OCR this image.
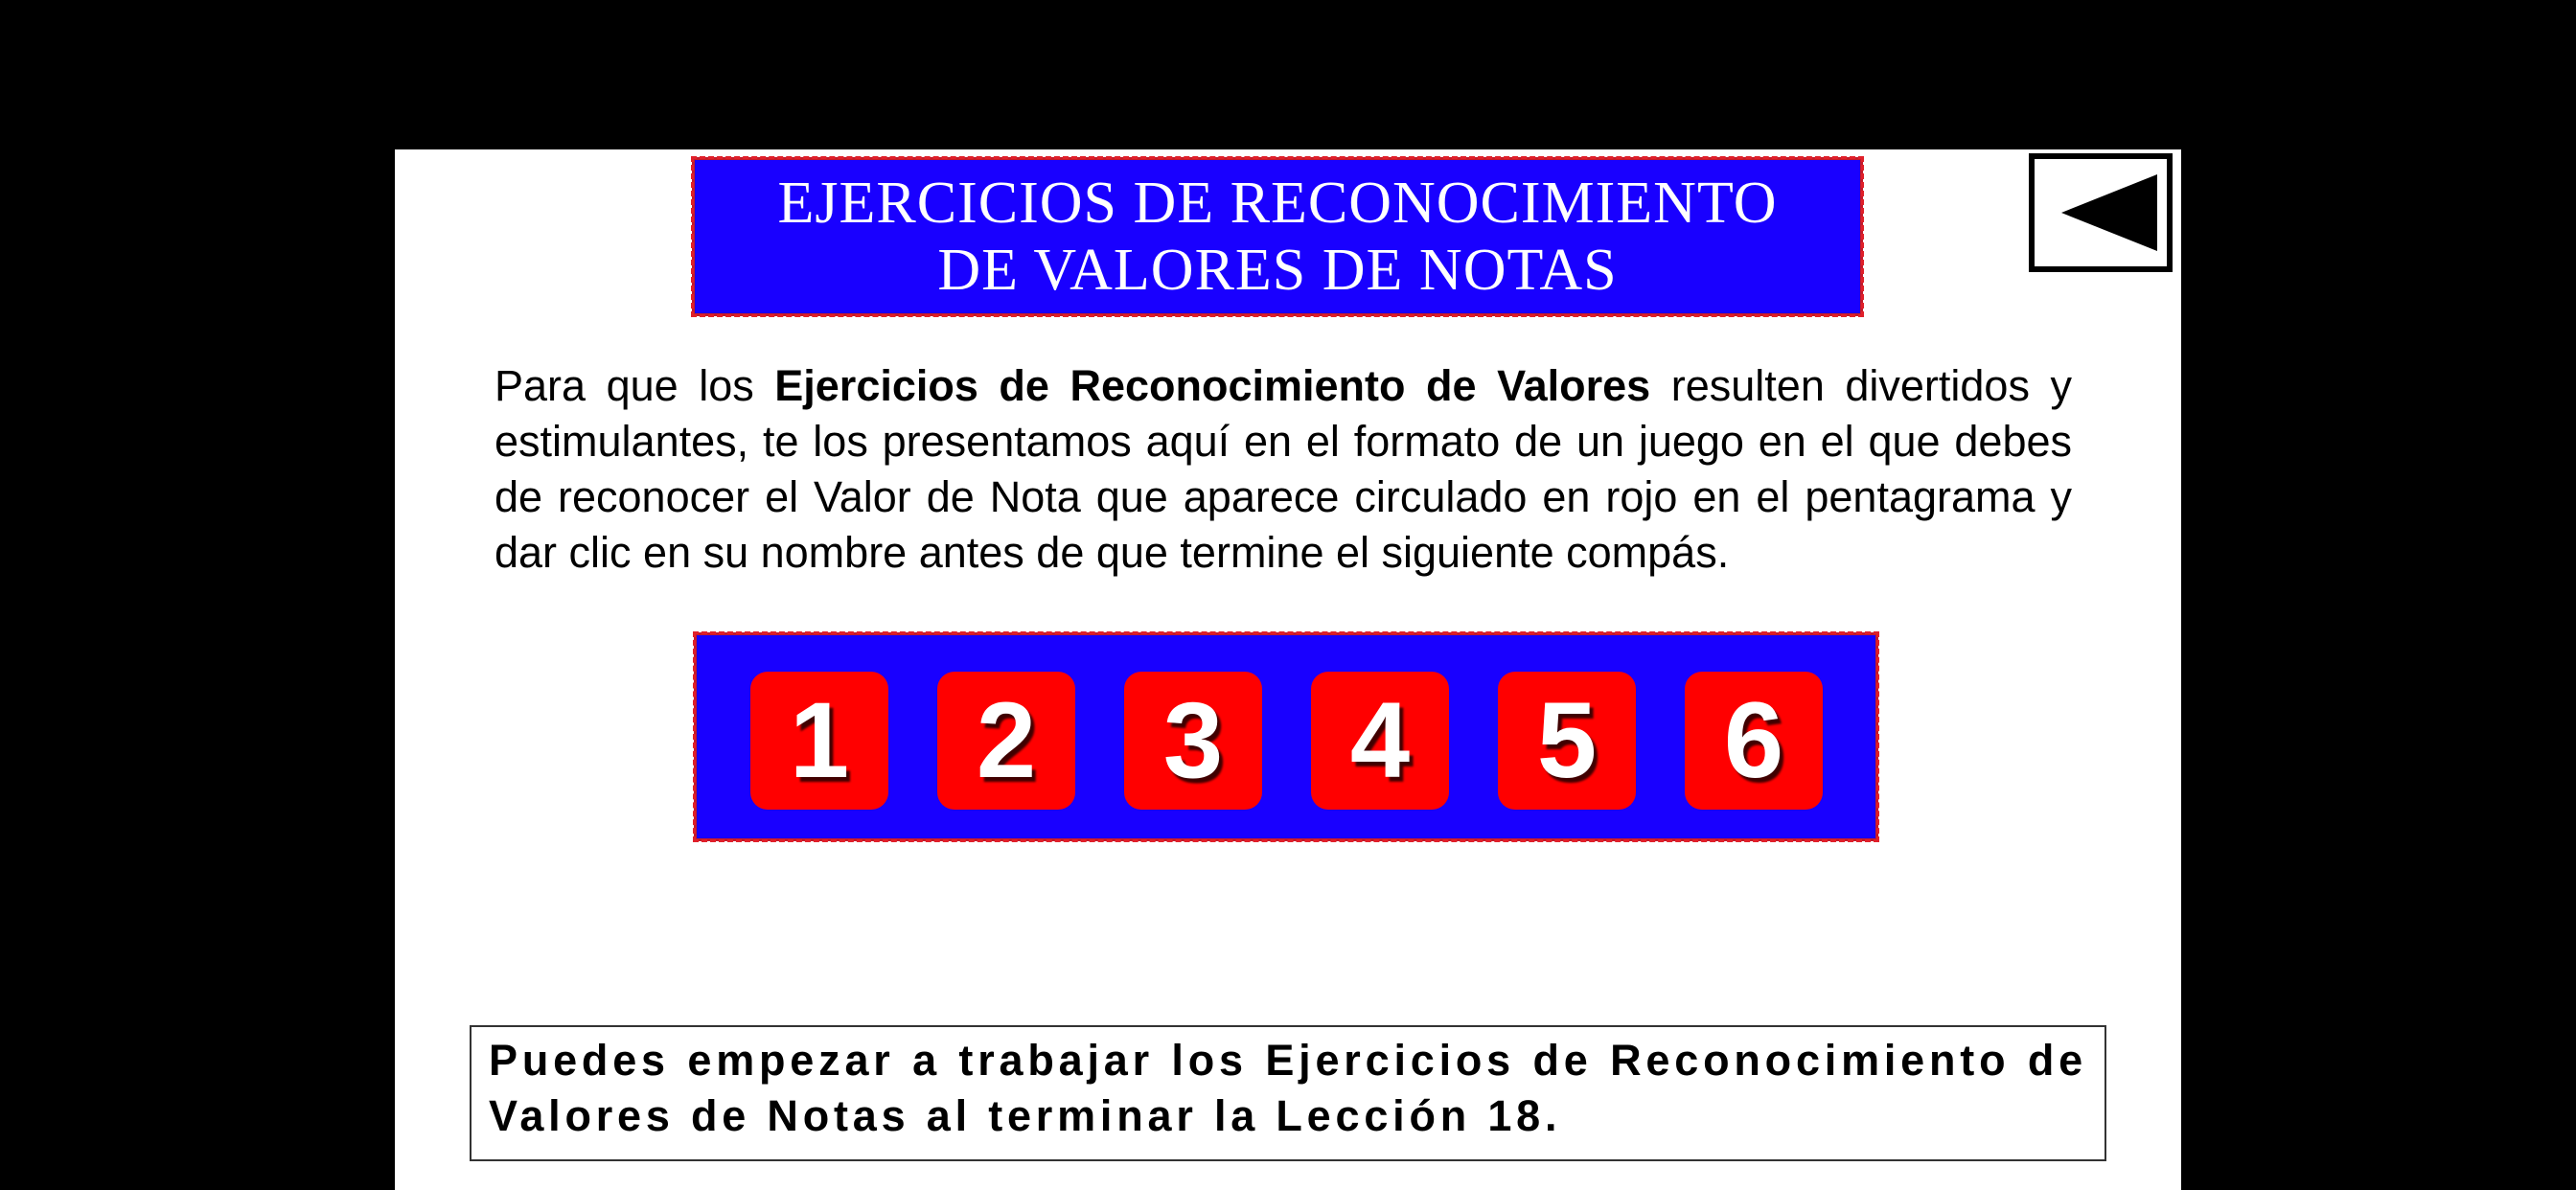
EJERCICIOS DE RECONOCIMIENTO
DE VALORES DE NOTAS
Para que los Ejercicios de Reconocimiento de Valores resulten divertidos y estimulantes, te los presentamos aquí en el formato de un juego en el que debes de reconocer el Valor de Nota que aparece circulado en rojo en el pentagrama y dar clic en su nombre antes de que termine el siguiente compás.
1 2 3 4 5 6
Puedes empezar a trabajar los Ejercicios de Reconocimiento de Valores de Notas al terminar la Lección 18.
